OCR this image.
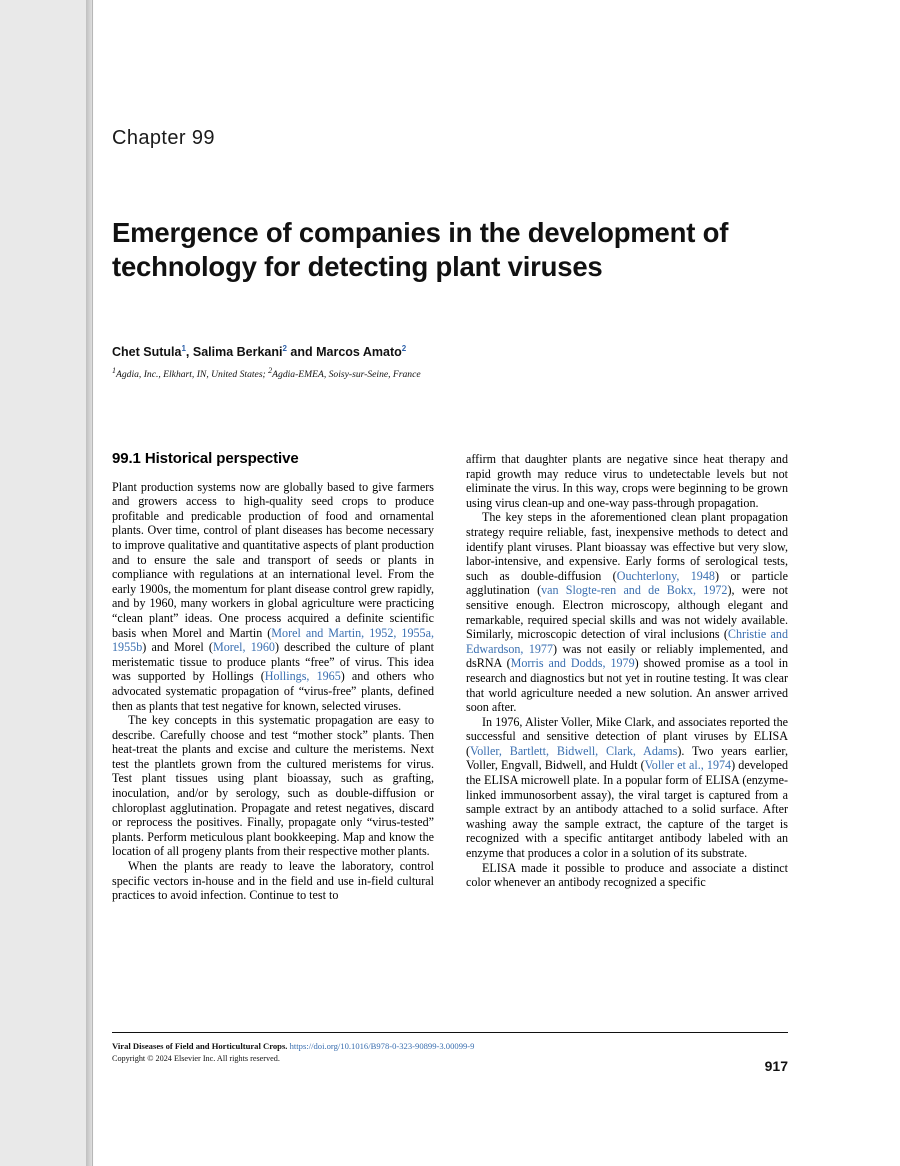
Chapter 99
Emergence of companies in the development of technology for detecting plant viruses
Chet Sutula$^1$, Salima Berkani$^2$ and Marcos Amato$^2$
$^1$Agdia, Inc., Elkhart, IN, United States; $^2$Agdia-EMEA, Soisy-sur-Seine, France
99.1 Historical perspective

Plant production systems now are globally based to give farmers and growers access to high-quality seed crops to produce profitable and predicable production of food and ornamental plants. Over time, control of plant diseases has become necessary to improve qualitative and quantitative aspects of plant production and to ensure the sale and transport of seeds or plants in compliance with regulations at an international level. From the early 1900s, the momentum for plant disease control grew rapidly, and by 1960, many workers in global agriculture were practicing “clean plant” ideas. One process acquired a definite scientific basis when Morel and Martin (Morel and Martin, 1952, 1955a, 1955b) and Morel (Morel, 1960) described the culture of plant meristematic tissue to produce plants “free” of virus. This idea was supported by Hollings (Hollings, 1965) and others who advocated systematic propagation of “virus-free” plants, defined then as plants that test negative for known, selected viruses.

The key concepts in this systematic propagation are easy to describe. Carefully choose and test “mother stock” plants. Then heat-treat the plants and excise and culture the meristems. Next test the plantlets grown from the cultured meristems for virus. Test plant tissues using plant bioassay, such as grafting, inoculation, and/or by serology, such as double-diffusion or chloroplast agglutination. Propagate and retest negatives, discard or reprocess the positives. Finally, propagate only “virus-tested” plants. Perform meticulous plant bookkeeping. Map and know the location of all progeny plants from their respective mother plants.

When the plants are ready to leave the laboratory, control specific vectors in-house and in the field and use in-field cultural practices to avoid infection. Continue to test to

affirm that daughter plants are negative since heat therapy and rapid growth may reduce virus to undetectable levels but not eliminate the virus. In this way, crops were beginning to be grown using virus clean-up and one-way pass-through propagation.

The key steps in the aforementioned clean plant propagation strategy require reliable, fast, inexpensive methods to detect and identify plant viruses. Plant bioassay was effective but very slow, labor-intensive, and expensive. Early forms of serological tests, such as double-diffusion (Ouchterlony, 1948) or particle agglutination (van Slogte-ren and de Bokx, 1972), were not sensitive enough. Electron microscopy, although elegant and remarkable, required special skills and was not widely available. Similarly, microscopic detection of viral inclusions (Christie and Edwardson, 1977) was not easily or reliably implemented, and dsRNA (Morris and Dodds, 1979) showed promise as a tool in research and diagnostics but not yet in routine testing. It was clear that world agriculture needed a new solution. An answer arrived soon after.

In 1976, Alister Voller, Mike Clark, and associates reported the successful and sensitive detection of plant viruses by ELISA (Voller, Bartlett, Bidwell, Clark, Adams). Two years earlier, Voller, Engvall, Bidwell, and Huldt (Voller et al., 1974) developed the ELISA microwell plate. In a popular form of ELISA (enzyme-linked immunosorbent assay), the viral target is captured from a sample extract by an antibody attached to a solid surface. After washing away the sample extract, the capture of the target is recognized with a specific antitarget antibody labeled with an enzyme that produces a color in a solution of its substrate.

ELISA made it possible to produce and associate a distinct color whenever an antibody recognized a specific

Viral Diseases of Field and Horticultural Crops. https://doi.org/10.1016/B978-0-323-90899-3.00099-9
Copyright © 2024 Elsevier Inc. All rights reserved.	917
